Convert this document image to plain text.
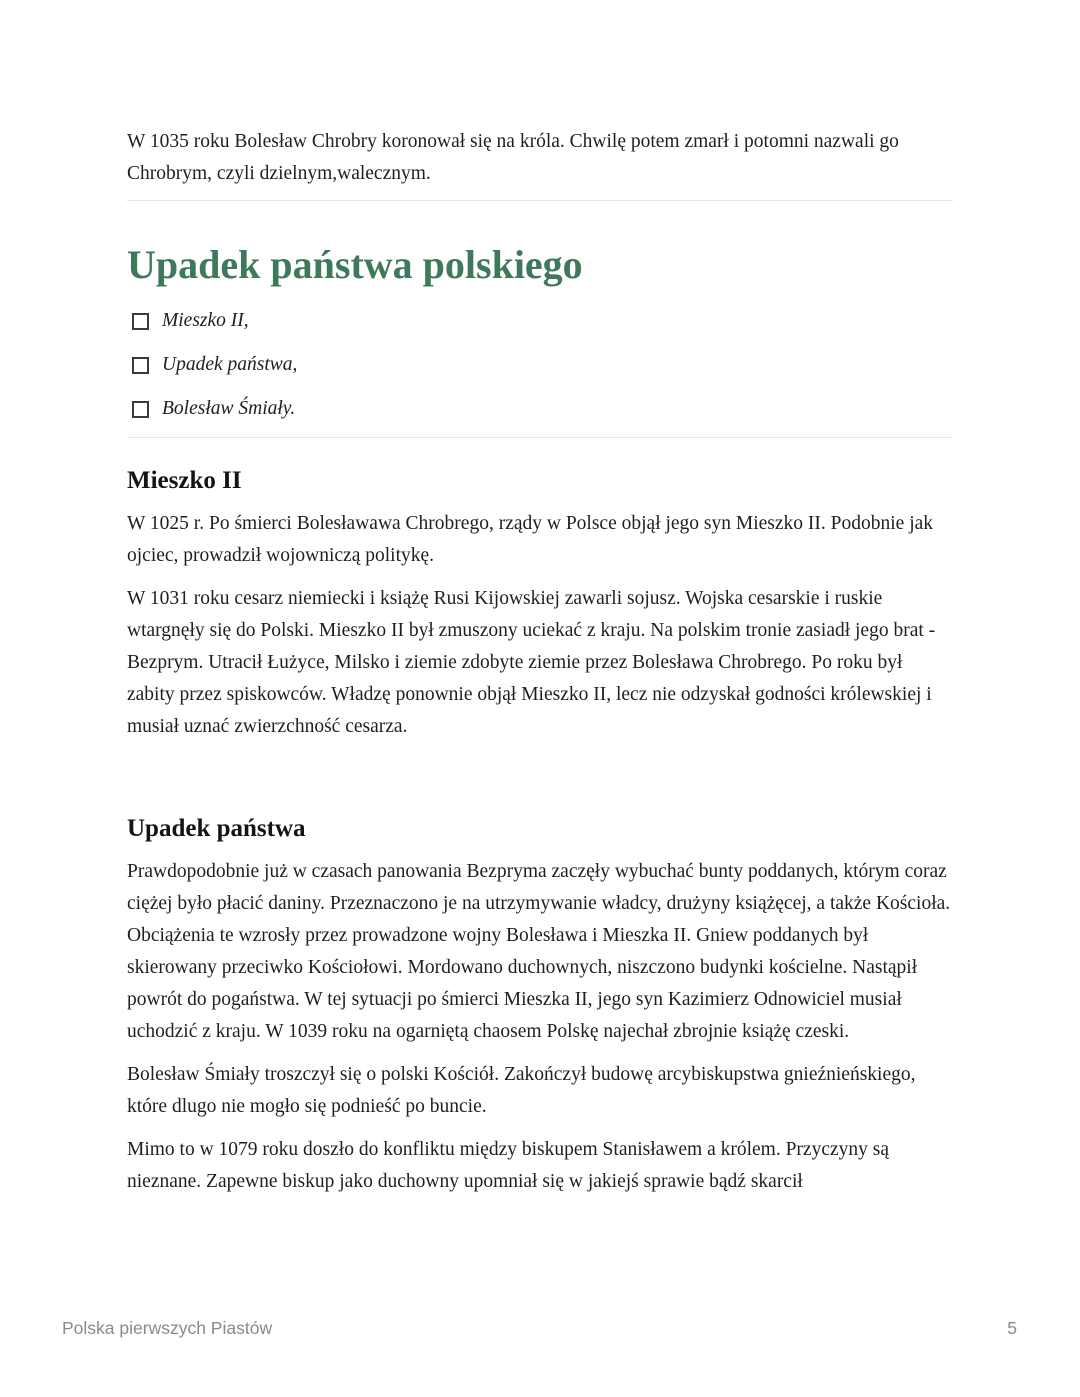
W 1035 roku Bolesław Chrobry koronował się na króla. Chwilę potem zmarł i potomni nazwali go Chrobrym, czyli dzielnym,walecznym.

Upadek państwa polskiego
Mieszko II,
Upadek państwa,
Bolesław Śmiały.
Mieszko II

W 1025 r. Po śmierci Bolesławawa Chrobrego, rządy w Polsce objął jego syn Mieszko II. Podobnie jak ojciec, prowadził wojowniczą politykę.

W 1031 roku cesarz niemiecki i książę Rusi Kijowskiej zawarli sojusz. Wojska cesarskie i ruskie wtargnęły się do Polski. Mieszko II był zmuszony uciekać z kraju. Na polskim tronie zasiadł jego brat - Bezprym. Utracił Łużyce, Milsko i ziemie zdobyte ziemie przez Bolesława Chrobrego. Po roku był zabity przez spiskowców. Władzę ponownie objął Mieszko II, lecz nie odzyskał godności królewskiej i musiał uznać zwierzchność cesarza.

Upadek państwa

Prawdopodobnie już w czasach panowania Bezpryma zaczęły wybuchać bunty poddanych, którym coraz ciężej było płacić daniny. Przeznaczono je na utrzymywanie władcy, drużyny książęcej, a także Kościoła. Obciążenia te wzrosły przez prowadzone wojny Bolesława i Mieszka II. Gniew poddanych był skierowany przeciwko Kościołowi. Mordowano duchownych, niszczono budynki kościelne. Nastąpił powrót do pogaństwa. W tej sytuacji po śmierci Mieszka II, jego syn Kazimierz Odnowiciel musiał uchodzić z kraju. W 1039 roku na ogarniętą chaosem Polskę najechał zbrojnie książę czeski.

Bolesław Śmiały troszczył się o polski Kościół. Zakończył budowę arcybiskupstwa gnieźnieńskiego, które dlugo nie mogło się podnieść po buncie.

Mimo to w 1079 roku doszło do konfliktu między biskupem Stanisławem a królem. Przyczyny są nieznane. Zapewne biskup jako duchowny upomniał się w jakiejś sprawie bądź skarcił

Polska pierwszych Piastów	5
